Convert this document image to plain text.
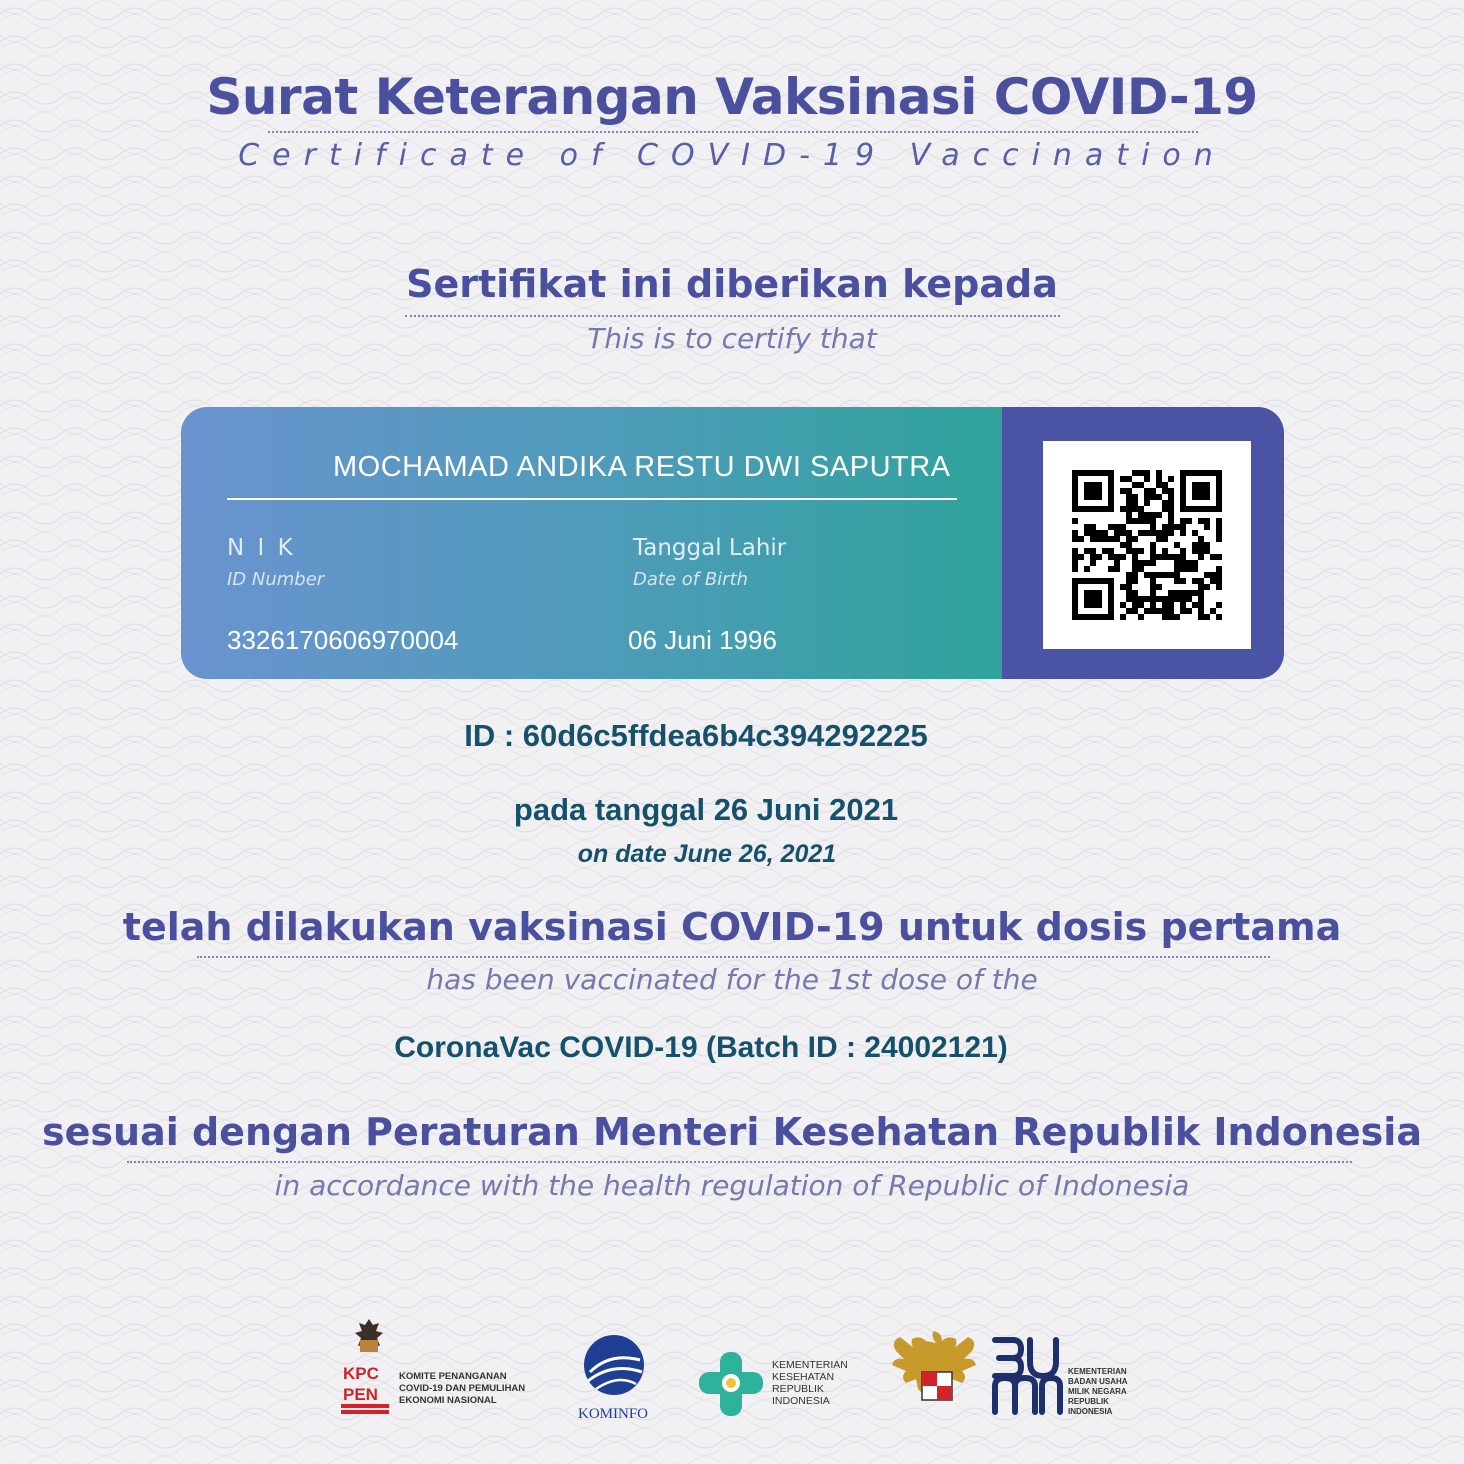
Surat Keterangan Vaksinasi COVID-19
Certificate of COVID-19 Vaccination
Sertifikat ini diberikan kepada
This is to certify that
MOCHAMAD ANDIKA RESTU DWI SAPUTRA
N I K
ID Number
3326170606970004
Tanggal Lahir
Date of Birth
06 Juni 1996
ID : 60d6c5ffdea6b4c394292225
pada tanggal 26 Juni 2021
on date June 26, 2021
telah dilakukan vaksinasi COVID-19 untuk dosis pertama
has been vaccinated for the 1st dose of the
CoronaVac COVID-19 (Batch ID : 24002121)
sesuai dengan Peraturan Menteri Kesehatan Republik Indonesia
in accordance with the health regulation of Republic of Indonesia
KPC
PEN
KOMITE PENANGANAN
COVID-19 DAN PEMULIHAN
EKONOMI NASIONAL
KOMINFO
KEMENTERIAN
KESEHATAN
REPUBLIK
INDONESIA
KEMENTERIAN
BADAN USAHA
MILIK NEGARA
REPUBLIK
INDONESIA
